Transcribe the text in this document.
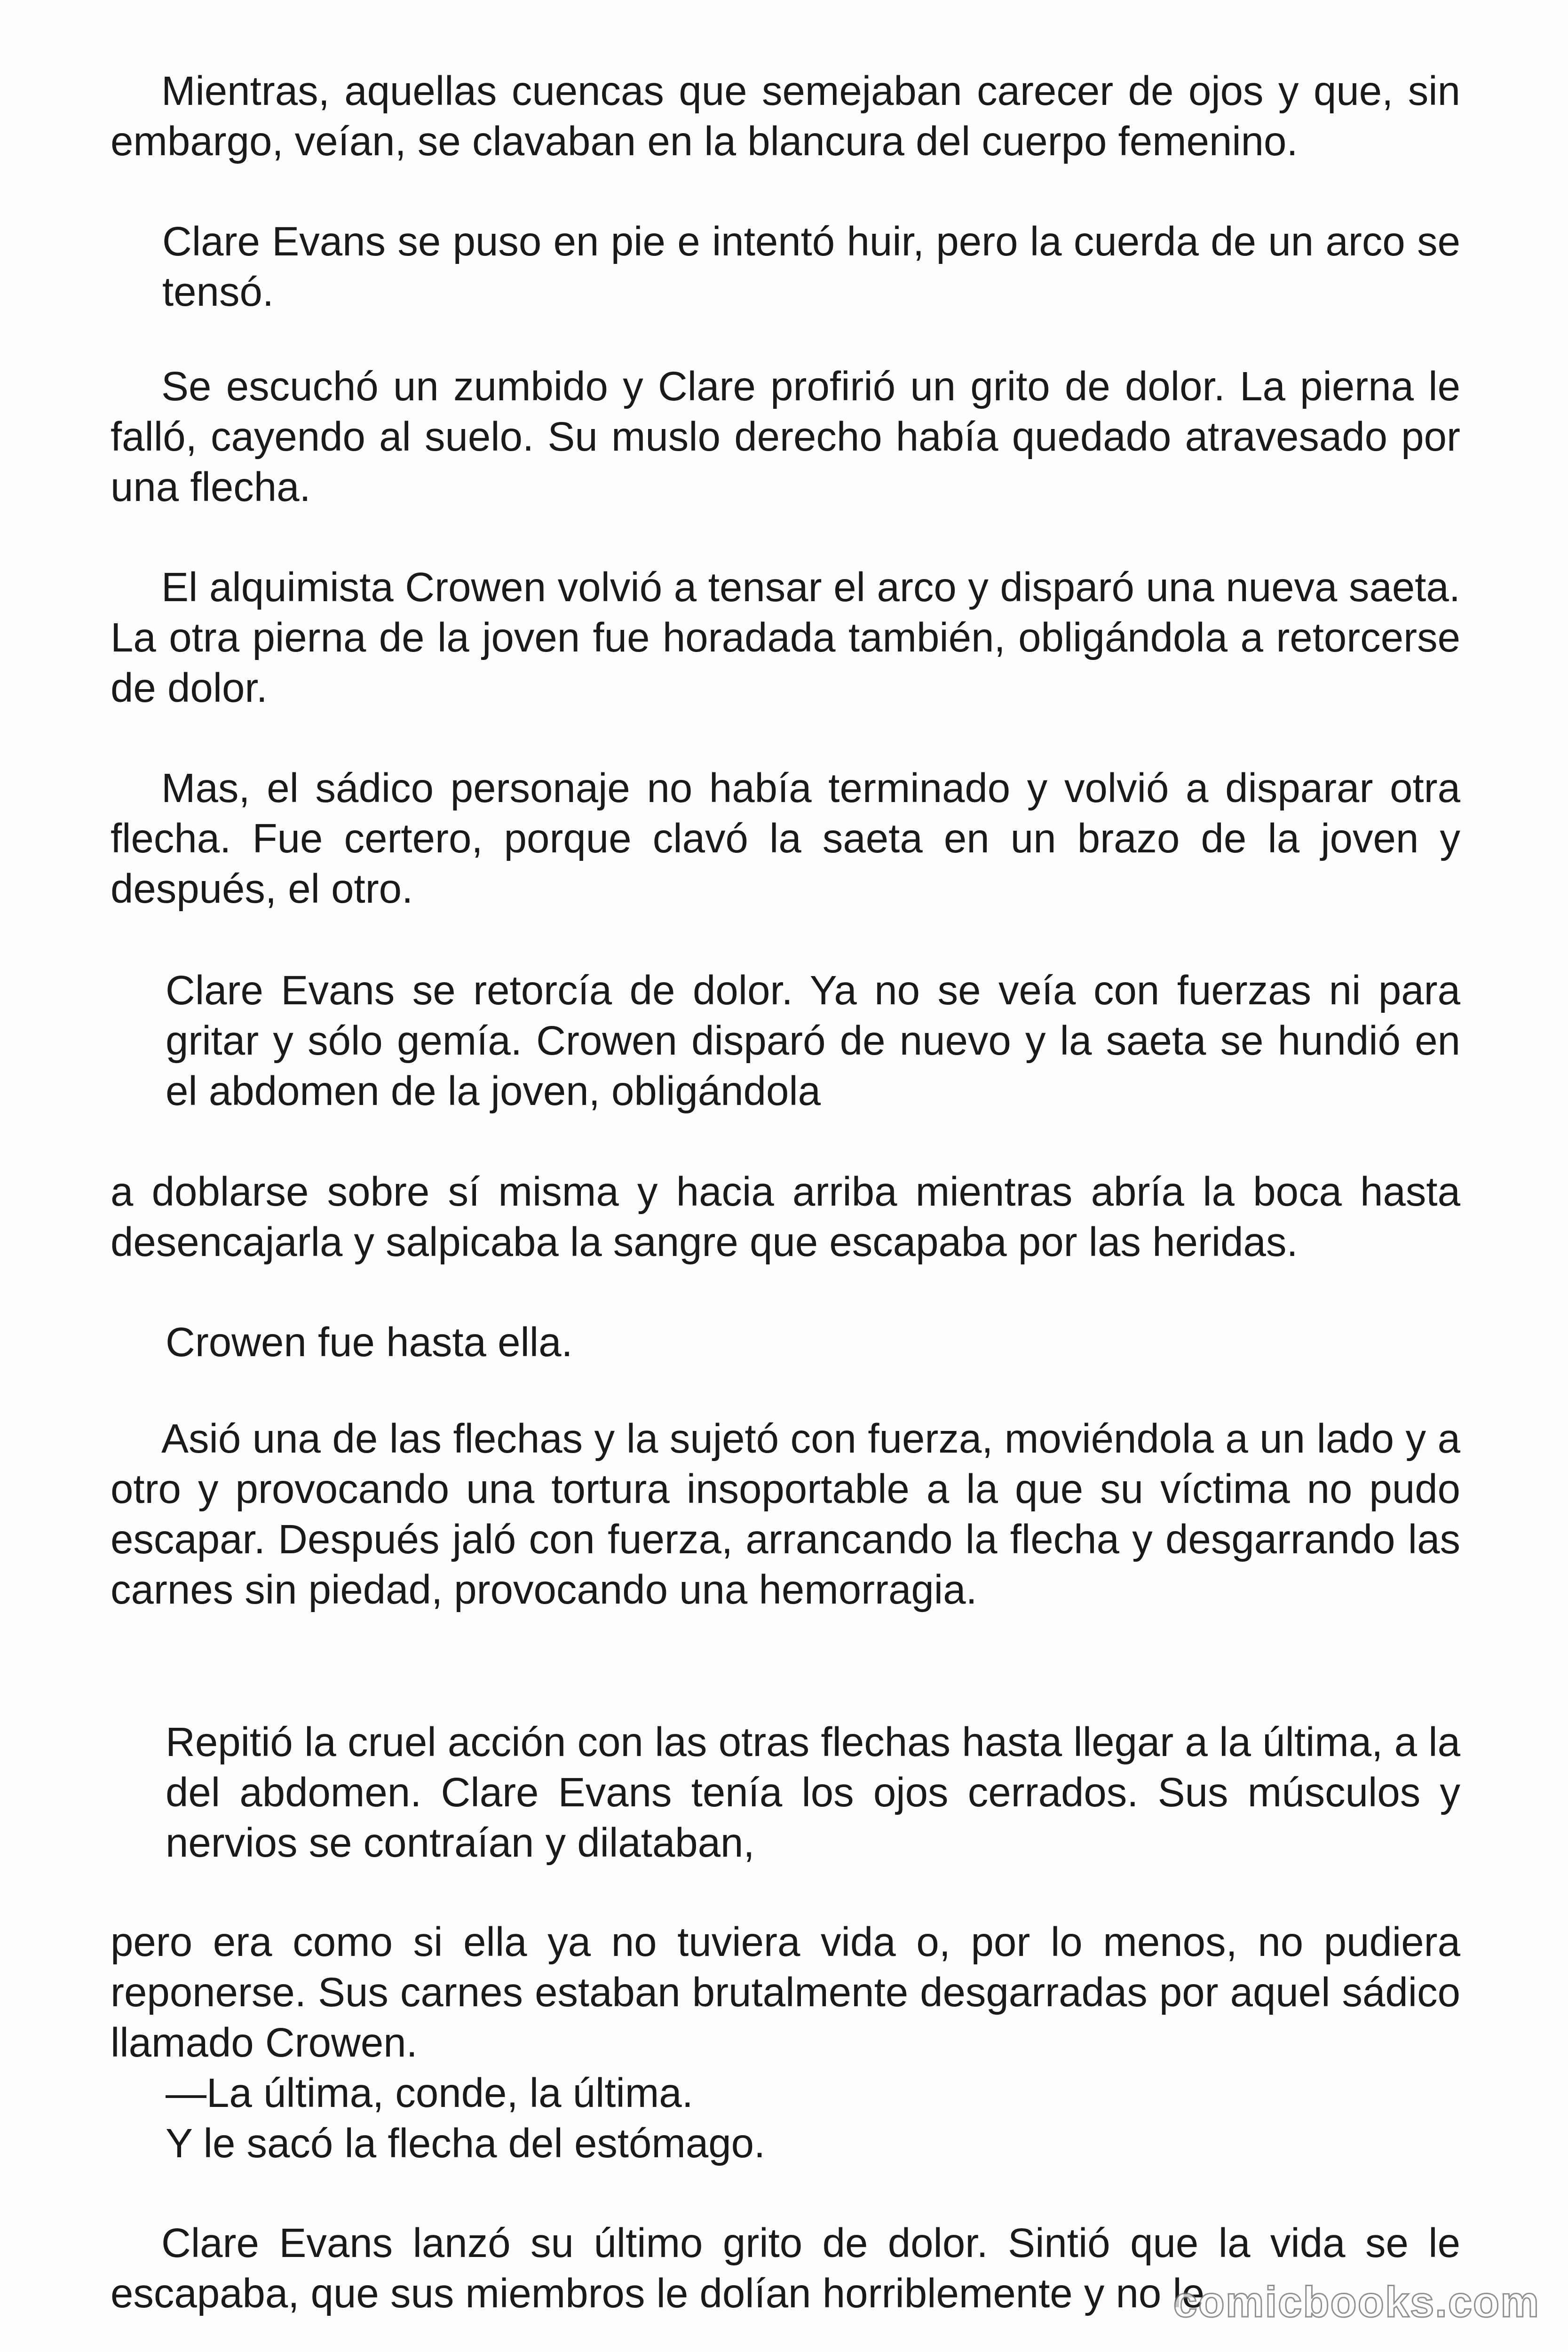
Mientras, aquellas cuencas que semejaban carecer de ojos y que, sin embargo, veían, se clavaban en la blancura del cuerpo femenino.

Clare Evans se puso en pie e intentó huir, pero la cuerda de un arco se tensó.

Se escuchó un zumbido y Clare profirió un grito de dolor. La pierna le falló, cayendo al suelo. Su muslo derecho había quedado atravesado por una flecha.

El alquimista Crowen volvió a tensar el arco y disparó una nueva saeta. La otra pierna de la joven fue horadada también, obligándola a retorcerse de dolor.

Mas, el sádico personaje no había terminado y volvió a disparar otra flecha. Fue certero, porque clavó la saeta en un brazo de la joven y después, el otro.

Clare Evans se retorcía de dolor. Ya no se veía con fuerzas ni para gritar y sólo gemía. Crowen disparó de nuevo y la saeta se hundió en el abdomen de la joven, obligándola

a doblarse sobre sí misma y hacia arriba mientras abría la boca hasta desencajarla y salpicaba la sangre que escapaba por las heridas.

Crowen fue hasta ella.

Asió una de las flechas y la sujetó con fuerza, moviéndola a un lado y a otro y provocando una tortura insoportable a la que su víctima no pudo escapar. Después jaló con fuerza, arrancando la flecha y desgarrando las carnes sin piedad, provocando una hemorragia.

Repitió la cruel acción con las otras flechas hasta llegar a la última, a la del abdomen. Clare Evans tenía los ojos cerrados. Sus músculos y nervios se contraían y dilataban,

pero era como si ella ya no tuviera vida o, por lo menos, no pudiera reponerse. Sus carnes estaban brutalmente desgarradas por aquel sádico llamado Crowen.

—La última, conde, la última.

Y le sacó la flecha del estómago.

Clare Evans lanzó su último grito de dolor. Sintió que la vida se le escapaba, que sus miembros le dolían horriblemente y no le

comicbooks.com
